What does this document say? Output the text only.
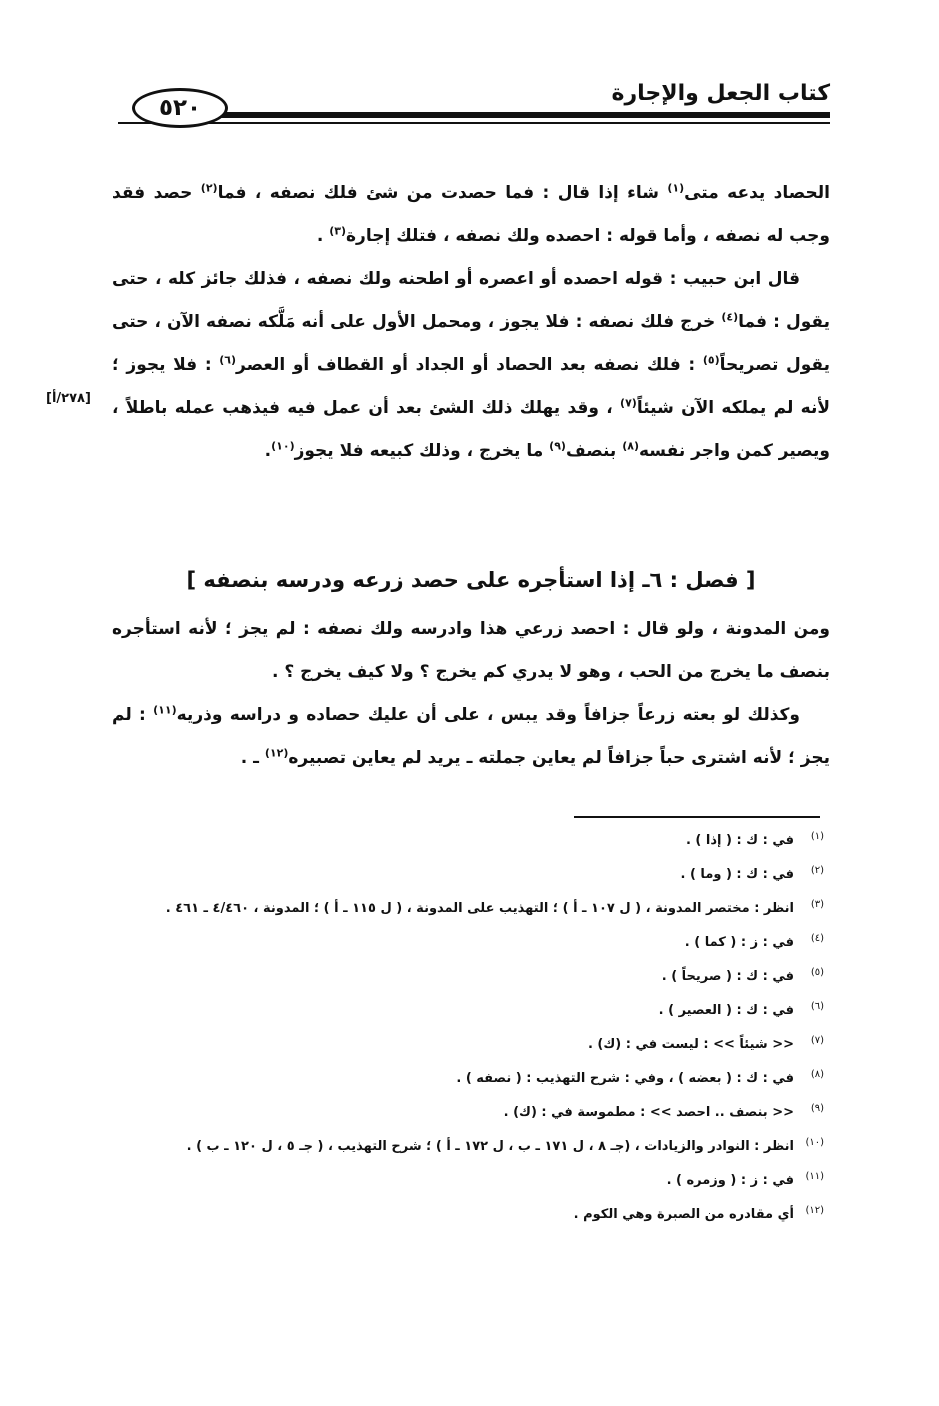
٥٢٠
كتاب الجعل والإجارة

الحصاد يدعه متى$^{(١)}$ شاء إذا قال : فما حصدت من شئ فلك نصفه ، فما$^{(٢)}$ حصد فقد وجب له نصفه ، وأما قوله : احصده ولك نصفه ، فتلك إجارة$^{(٣)}$ .

قال ابن حبيب : قوله احصده أو اعصره أو اطحنه ولك نصفه ، فذلك جائز كله ، حتى يقول : فما$^{(٤)}$ خرج فلك نصفه : فلا يجوز ، ومحمل الأول على أنه مَلَّكه نصفه الآن ، حتى يقول تصريحاً$^{(٥)}$ : فلك نصفه بعد الحصاد أو الجداد أو القطاف أو العصر$^{(٦)}$ : فلا يجوز ؛ لأنه لم يملكه الآن شيئاً$^{(٧)}$ ، وقد يهلك ذلك الشئ بعد أن عمل فيه فيذهب عمله باطلاً ، ويصير كمن واجر نفسه$^{(٨)}$ بنصف$^{(٩)}$ ما يخرج ، وذلك كبيعه فلا يجوز$^{(١٠)}$.

[٢٧٨/أ]
[ فصل : ٦ـ إذا استأجره على حصد زرعه ودرسه بنصفه ]

ومن المدونة ، ولو قال : احصد زرعي هذا وادرسه ولك نصفه : لم يجز ؛ لأنه استأجره بنصف ما يخرج من الحب ، وهو لا يدري كم يخرج ؟ ولا كيف يخرج ؟ .

وكذلك لو بعته زرعاً جزافاً وقد يبس ، على أن عليك حصاده و دراسه وذريه$^{(١١)}$ : لم يجز ؛ لأنه اشترى حباً جزافاً لم يعاين جملته ـ يريد لم يعاين تصبيره$^{(١٢)}$ ـ .

(١)
في : ك : ( إذا ) .
(٢)
في : ك : ( وما ) .
(٣)
انظر : مختصر المدونة ، ( ل ١٠٧ ـ أ ) ؛ التهذيب على المدونة ، ( ل ١١٥ ـ أ ) ؛ المدونة ، ٤/٤٦٠ ـ ٤٦١ .
(٤)
في : ز : ( كما ) .
(٥)
في : ك : ( صريحاً ) .
(٦)
في : ك : ( العصير ) .
(٧)
<< شيئاً >> : ليست في : (ك) .
(٨)
في : ك : ( بعضه ) ، وفي : شرح التهذيب : ( نصفه ) .
(٩)
<< بنصف .. احصد >> : مطموسة في : (ك) .
(١٠)
انظر : النوادر والزيادات ، (جـ ٨ ، ل ١٧١ ـ ب ، ل ١٧٢ ـ أ ) ؛ شرح التهذيب ، ( جـ ٥ ، ل ١٢٠ ـ ب ) .
(١١)
في : ز : ( وزمره ) .
(١٢)
أي مقادره من الصبرة وهي الكوم .
